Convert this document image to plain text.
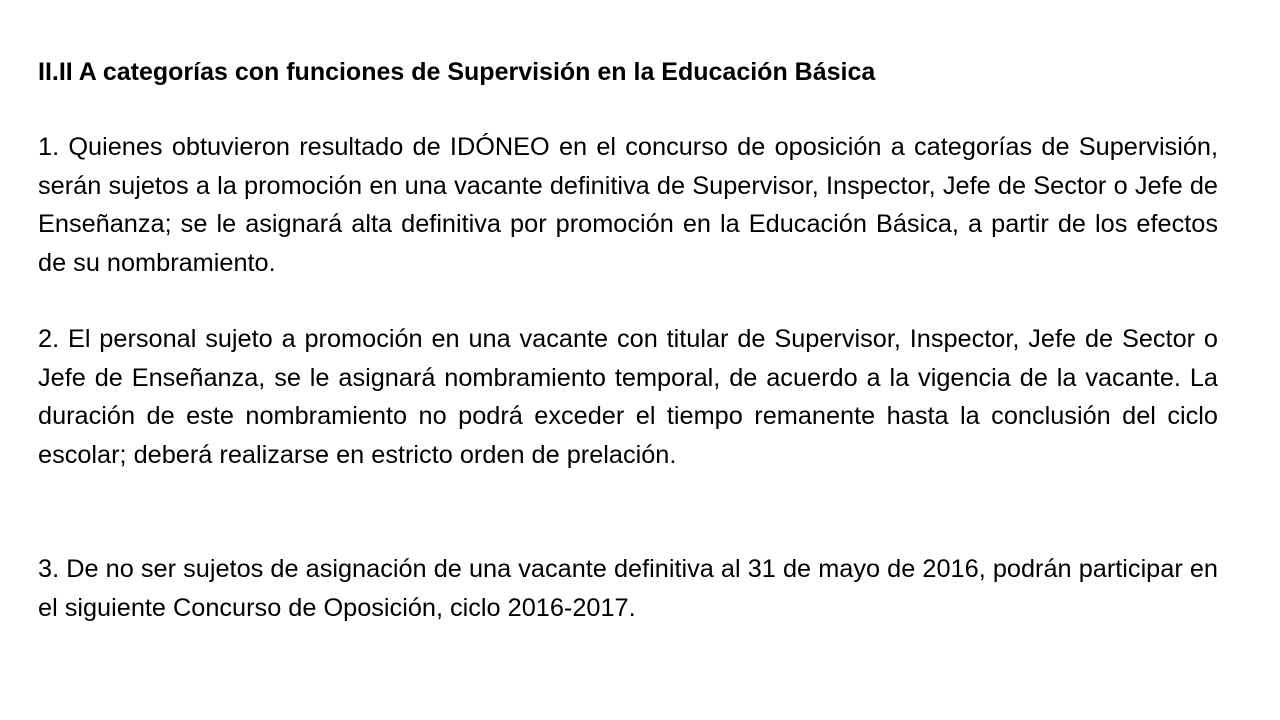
II.II A categorías con funciones de Supervisión en la Educación Básica

1. Quienes obtuvieron resultado de IDÓNEO en el concurso de oposición a categorías de Supervisión, serán sujetos a la promoción en una vacante definitiva de Supervisor, Inspector, Jefe de Sector o Jefe de Enseñanza; se le asignará alta definitiva por promoción en la Educación Básica, a partir de los efectos de su nombramiento.

2. El personal sujeto a promoción en una vacante con titular de Supervisor, Inspector, Jefe de Sector o Jefe de Enseñanza, se le asignará nombramiento temporal, de acuerdo a la vigencia de la vacante. La duración de este nombramiento no podrá exceder el tiempo remanente hasta la conclusión del ciclo escolar; deberá realizarse en estricto orden de prelación.

3. De no ser sujetos de asignación de una vacante definitiva al 31 de mayo de 2016, podrán participar en el siguiente Concurso de Oposición, ciclo 2016-2017.
